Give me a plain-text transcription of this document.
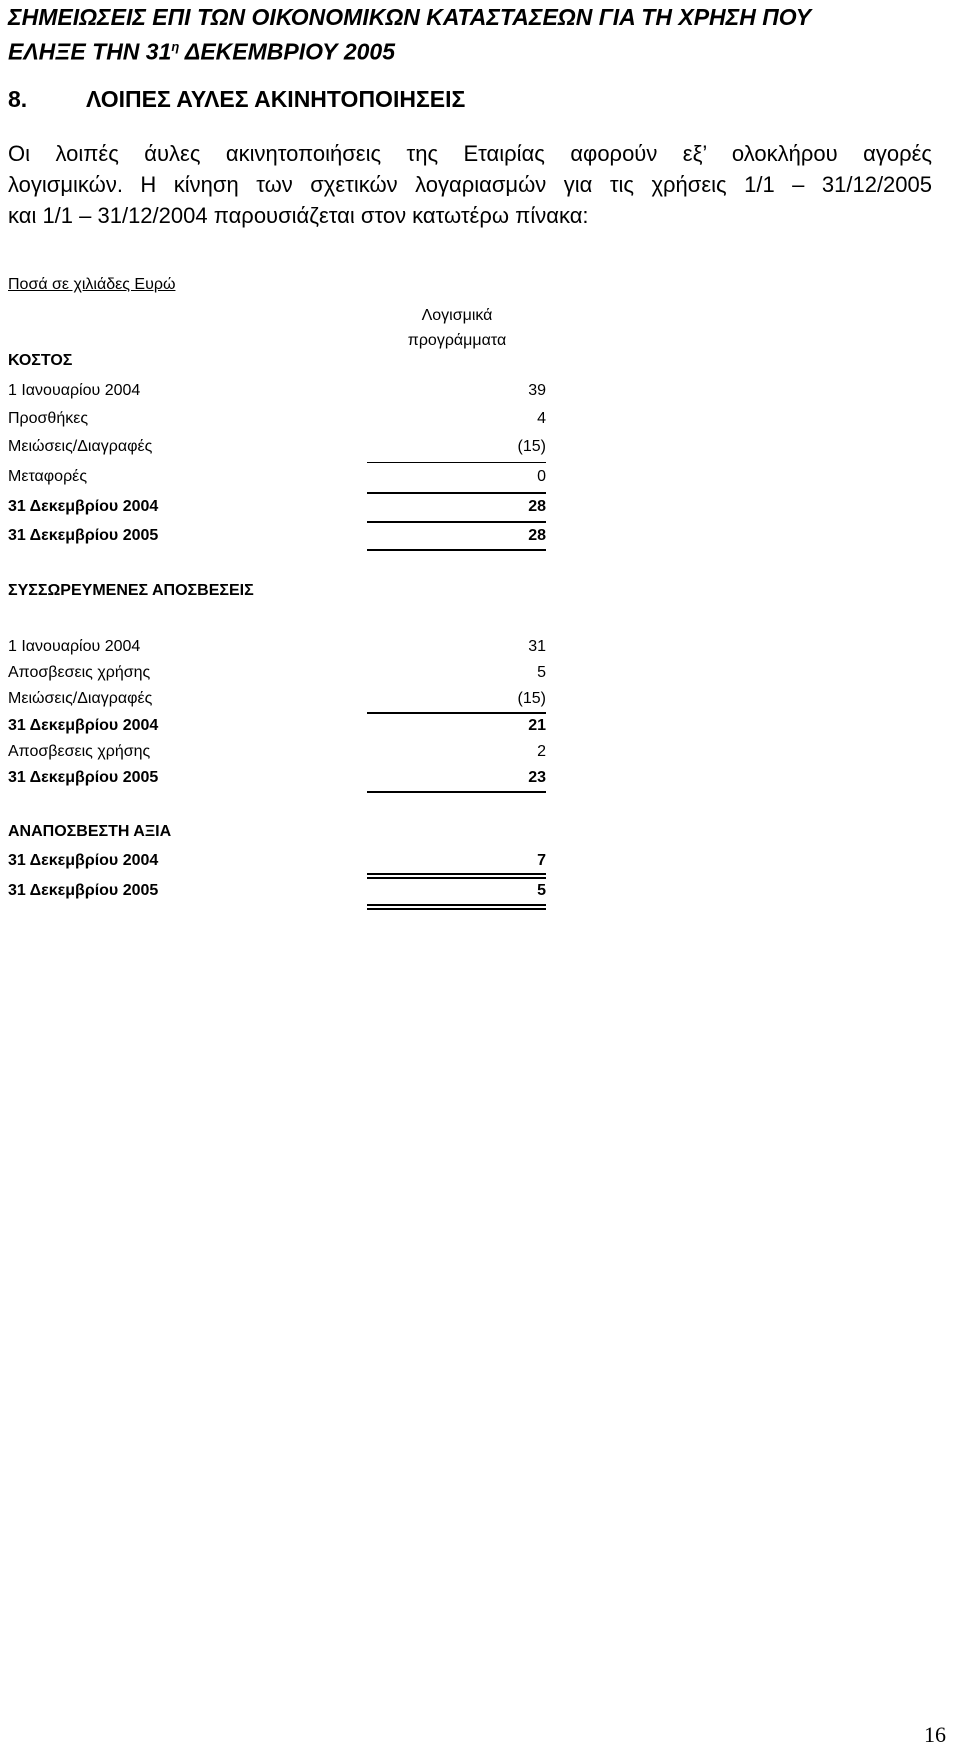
ΣΗΜΕΙΩΣΕΙΣ ΕΠΙ ΤΩΝ ΟΙΚΟΝΟΜΙΚΩΝ ΚΑΤΑΣΤΑΣΕΩΝ ΓΙΑ ΤΗ ΧΡΗΣΗ ΠΟΥ
ΕΛΗΞΕ ΤΗΝ $31^\eta$ ΔΕΚΕΜΒΡΙΟΥ 2005
8.	ΛΟΙΠΕΣ ΑΥΛΕΣ ΑΚΙΝΗΤΟΠΟΙΗΣΕΙΣ
Οι λοιπές άυλες ακινητοποιήσεις της Εταιρίας αφορούν εξ’ ολοκλήρου αγορές
λογισμικών. Η κίνηση των σχετικών λογαριασμών για τις χρήσεις 1/1 – 31/12/2005
και 1/1 – 31/12/2004 παρουσιάζεται στον κατωτέρω πίνακα:
Ποσά σε χιλιάδες Ευρώ
Λογισμικά
προγράμματα
ΚΟΣΤΟΣ
1 Ιανουαρίου 2004	39
Προσθήκες	4
Μειώσεις/Διαγραφές	(15)
Μεταφορές	0
31 Δεκεμβρίου 2004	28
31 Δεκεμβρίου 2005	28
ΣΥΣΣΩΡΕΥΜΕΝΕΣ ΑΠΟΣΒΕΣΕΙΣ
1 Ιανουαρίου 2004	31
Αποσβεσεις χρήσης	5
Μειώσεις/Διαγραφές	(15)
31 Δεκεμβρίου 2004	21
Αποσβεσεις χρήσης	2
31 Δεκεμβρίου 2005	23
ΑΝΑΠΟΣΒΕΣΤΗ ΑΞΙΑ
31 Δεκεμβρίου 2004	7
31 Δεκεμβρίου 2005	5
16
